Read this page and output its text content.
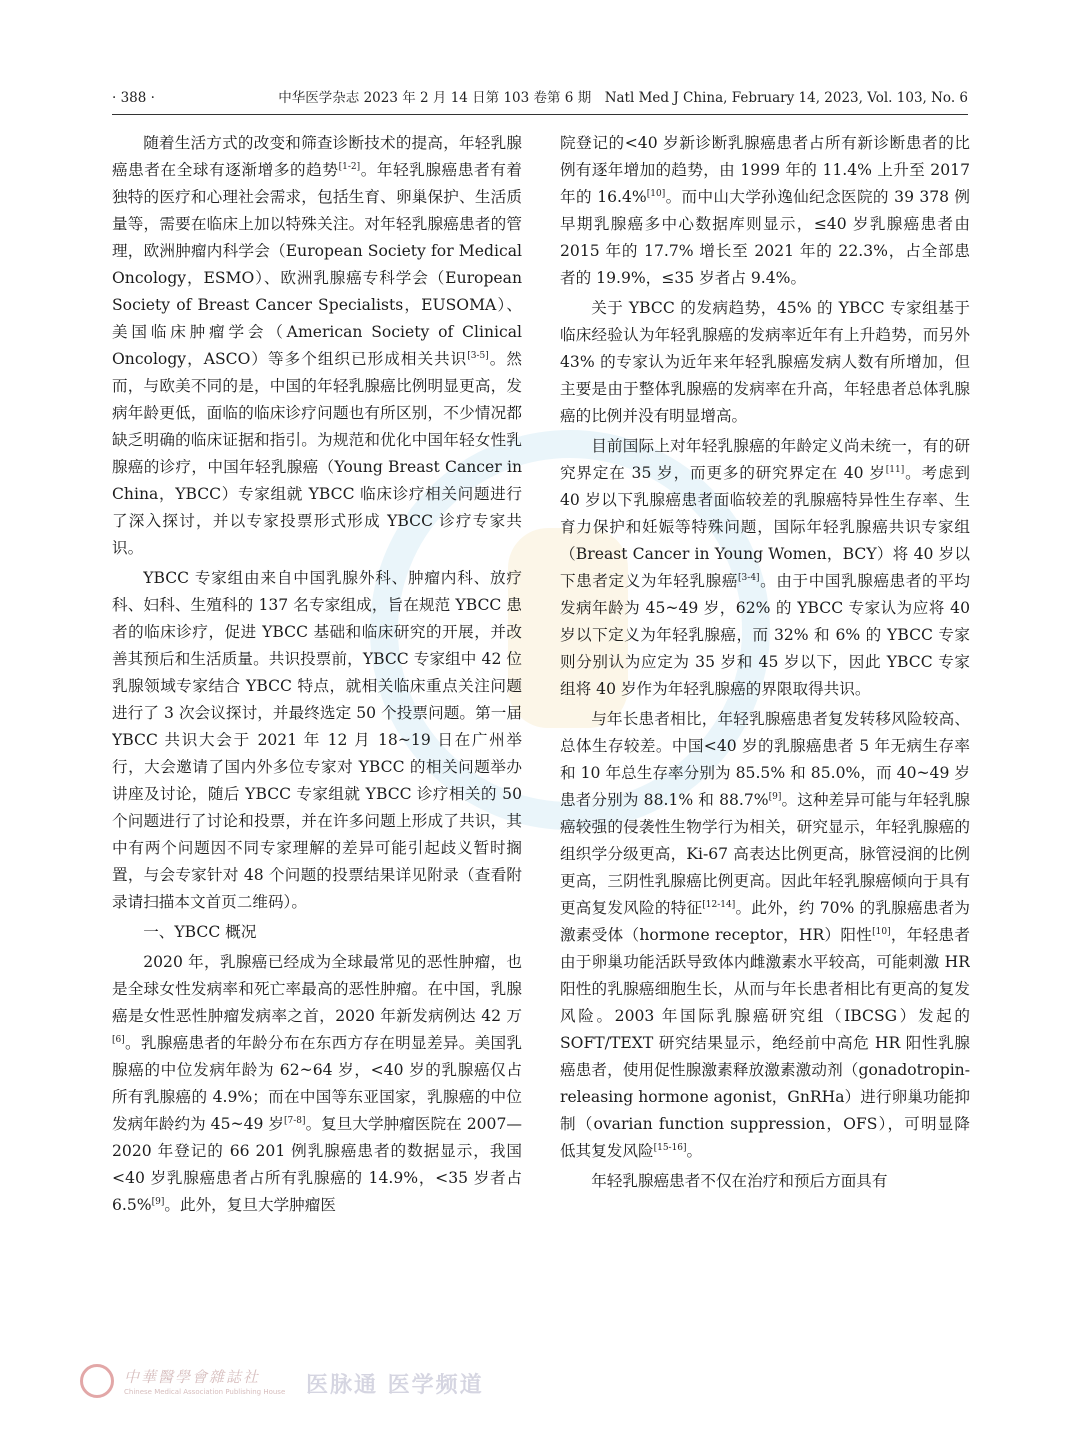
· 388 ·	中华医学杂志 2023 年 2 月 14 日第 103 卷第 6 期　Natl Med J China, February 14, 2023, Vol. 103, No. 6

随着生活方式的改变和筛查诊断技术的提高，年轻乳腺癌患者在全球有逐渐增多的趋势[1-2]。年轻乳腺癌患者有着独特的医疗和心理社会需求，包括生育、卵巢保护、生活质量等，需要在临床上加以特殊关注。对年轻乳腺癌患者的管理，欧洲肿瘤内科学会（European Society for Medical Oncology，ESMO）、欧洲乳腺癌专科学会（European Society of Breast Cancer Specialists，EUSOMA）、美国临床肿瘤学会（American Society of Clinical Oncology，ASCO）等多个组织已形成相关共识[3-5]。然而，与欧美不同的是，中国的年轻乳腺癌比例明显更高，发病年龄更低，面临的临床诊疗问题也有所区别，不少情况都缺乏明确的临床证据和指引。为规范和优化中国年轻女性乳腺癌的诊疗，中国年轻乳腺癌（Young Breast Cancer in China，YBCC）专家组就 YBCC 临床诊疗相关问题进行了深入探讨，并以专家投票形式形成 YBCC 诊疗专家共识。

YBCC 专家组由来自中国乳腺外科、肿瘤内科、放疗科、妇科、生殖科的 137 名专家组成，旨在规范 YBCC 患者的临床诊疗，促进 YBCC 基础和临床研究的开展，并改善其预后和生活质量。共识投票前，YBCC 专家组中 42 位乳腺领域专家结合 YBCC 特点，就相关临床重点关注问题进行了 3 次会议探讨，并最终选定 50 个投票问题。第一届 YBCC 共识大会于 2021 年 12 月 18~19 日在广州举行，大会邀请了国内外多位专家对 YBCC 的相关问题举办讲座及讨论，随后 YBCC 专家组就 YBCC 诊疗相关的 50 个问题进行了讨论和投票，并在许多问题上形成了共识，其中有两个问题因不同专家理解的差异可能引起歧义暂时搁置，与会专家针对 48 个问题的投票结果详见附录（查看附录请扫描本文首页二维码）。

一、YBCC 概况

2020 年，乳腺癌已经成为全球最常见的恶性肿瘤，也是全球女性发病率和死亡率最高的恶性肿瘤。在中国，乳腺癌是女性恶性肿瘤发病率之首，2020 年新发病例达 42 万[6]。乳腺癌患者的年龄分布在东西方存在明显差异。美国乳腺癌的中位发病年龄为 62~64 岁，<40 岁的乳腺癌仅占所有乳腺癌的 4.9%；而在中国等东亚国家，乳腺癌的中位发病年龄约为 45~49 岁[7-8]。复旦大学肿瘤医院在 2007—2020 年登记的 66 201 例乳腺癌患者的数据显示，我国<40 岁乳腺癌患者占所有乳腺癌的 14.9%，<35 岁者占 6.5%[9]。此外，复旦大学肿瘤医

院登记的<40 岁新诊断乳腺癌患者占所有新诊断患者的比例有逐年增加的趋势，由 1999 年的 11.4% 上升至 2017 年的 16.4%[10]。而中山大学孙逸仙纪念医院的 39 378 例早期乳腺癌多中心数据库则显示，≤40 岁乳腺癌患者由 2015 年的 17.7% 增长至 2021 年的 22.3%，占全部患者的 19.9%，≤35 岁者占 9.4%。

关于 YBCC 的发病趋势，45% 的 YBCC 专家组基于临床经验认为年轻乳腺癌的发病率近年有上升趋势，而另外 43% 的专家认为近年来年轻乳腺癌发病人数有所增加，但主要是由于整体乳腺癌的发病率在升高，年轻患者总体乳腺癌的比例并没有明显增高。

目前国际上对年轻乳腺癌的年龄定义尚未统一，有的研究界定在 35 岁，而更多的研究界定在 40 岁[11]。考虑到 40 岁以下乳腺癌患者面临较差的乳腺癌特异性生存率、生育力保护和妊娠等特殊问题，国际年轻乳腺癌共识专家组（Breast Cancer in Young Women，BCY）将 40 岁以下患者定义为年轻乳腺癌[3-4]。由于中国乳腺癌患者的平均发病年龄为 45~49 岁，62% 的 YBCC 专家认为应将 40 岁以下定义为年轻乳腺癌，而 32% 和 6% 的 YBCC 专家则分别认为应定为 35 岁和 45 岁以下，因此 YBCC 专家组将 40 岁作为年轻乳腺癌的界限取得共识。

与年长患者相比，年轻乳腺癌患者复发转移风险较高、总体生存较差。中国<40 岁的乳腺癌患者 5 年无病生存率和 10 年总生存率分别为 85.5% 和 85.0%，而 40~49 岁患者分别为 88.1% 和 88.7%[9]。这种差异可能与年轻乳腺癌较强的侵袭性生物学行为相关，研究显示，年轻乳腺癌的组织学分级更高，Ki-67 高表达比例更高，脉管浸润的比例更高，三阴性乳腺癌比例更高。因此年轻乳腺癌倾向于具有更高复发风险的特征[12-14]。此外，约 70% 的乳腺癌患者为激素受体（hormone receptor，HR）阳性[10]，年轻患者由于卵巢功能活跃导致体内雌激素水平较高，可能刺激 HR 阳性的乳腺癌细胞生长，从而与年长患者相比有更高的复发风险。2003 年国际乳腺癌研究组（IBCSG）发起的 SOFT/TEXT 研究结果显示，绝经前中高危 HR 阳性乳腺癌患者，使用促性腺激素释放激素激动剂（gonadotropin-releasing hormone agonist，GnRHa）进行卵巢功能抑制（ovarian function suppression，OFS），可明显降低其复发风险[15-16]。

年轻乳腺癌患者不仅在治疗和预后方面具有

中華醫學會雜誌社
Chinese Medical Association Publishing House 医脉通 医学频道
